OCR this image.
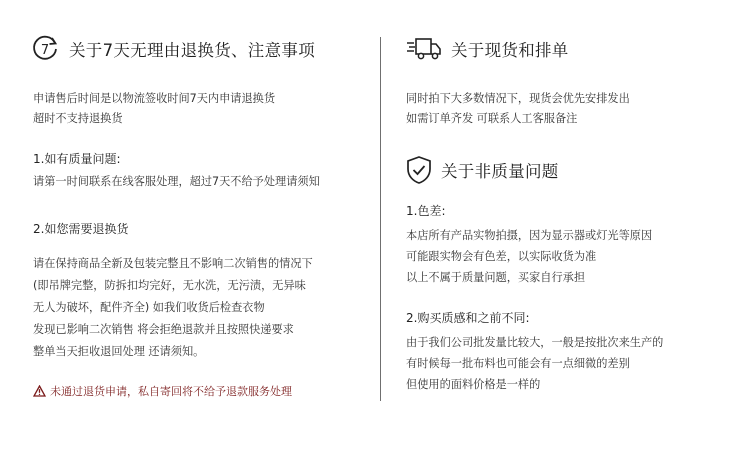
7 关于7天无理由退换货、注意事项
申请售后时间是以物流签收时间7天内申请退换货
超时不支持退换货
1.如有质量问题:
请第一时间联系在线客服处理，超过7天不给予处理请须知
2.如您需要退换货
请在保持商品全新及包装完整且不影响二次销售的情况下
(即吊牌完整，防拆扣均完好，无水洗，无污渍，无异味
无人为破坏，配件齐全) 如我们收货后检查衣物
发现已影响二次销售 将会拒绝退款并且按照快递要求
整单当天拒收退回处理 还请须知。
未通过退货申请，私自寄回将不给予退款服务处理
关于现货和排单
同时拍下大多数情况下，现货会优先安排发出
如需订单齐发 可联系人工客服备注
关于非质量问题
1.色差:
本店所有产品实物拍摄，因为显示器或灯光等原因
可能跟实物会有色差，以实际收货为准
以上不属于质量问题，买家自行承担
2.购买质感和之前不同:
由于我们公司批发量比较大，一般是按批次来生产的
有时候每一批布料也可能会有一点细微的差别
但使用的面料价格是一样的
